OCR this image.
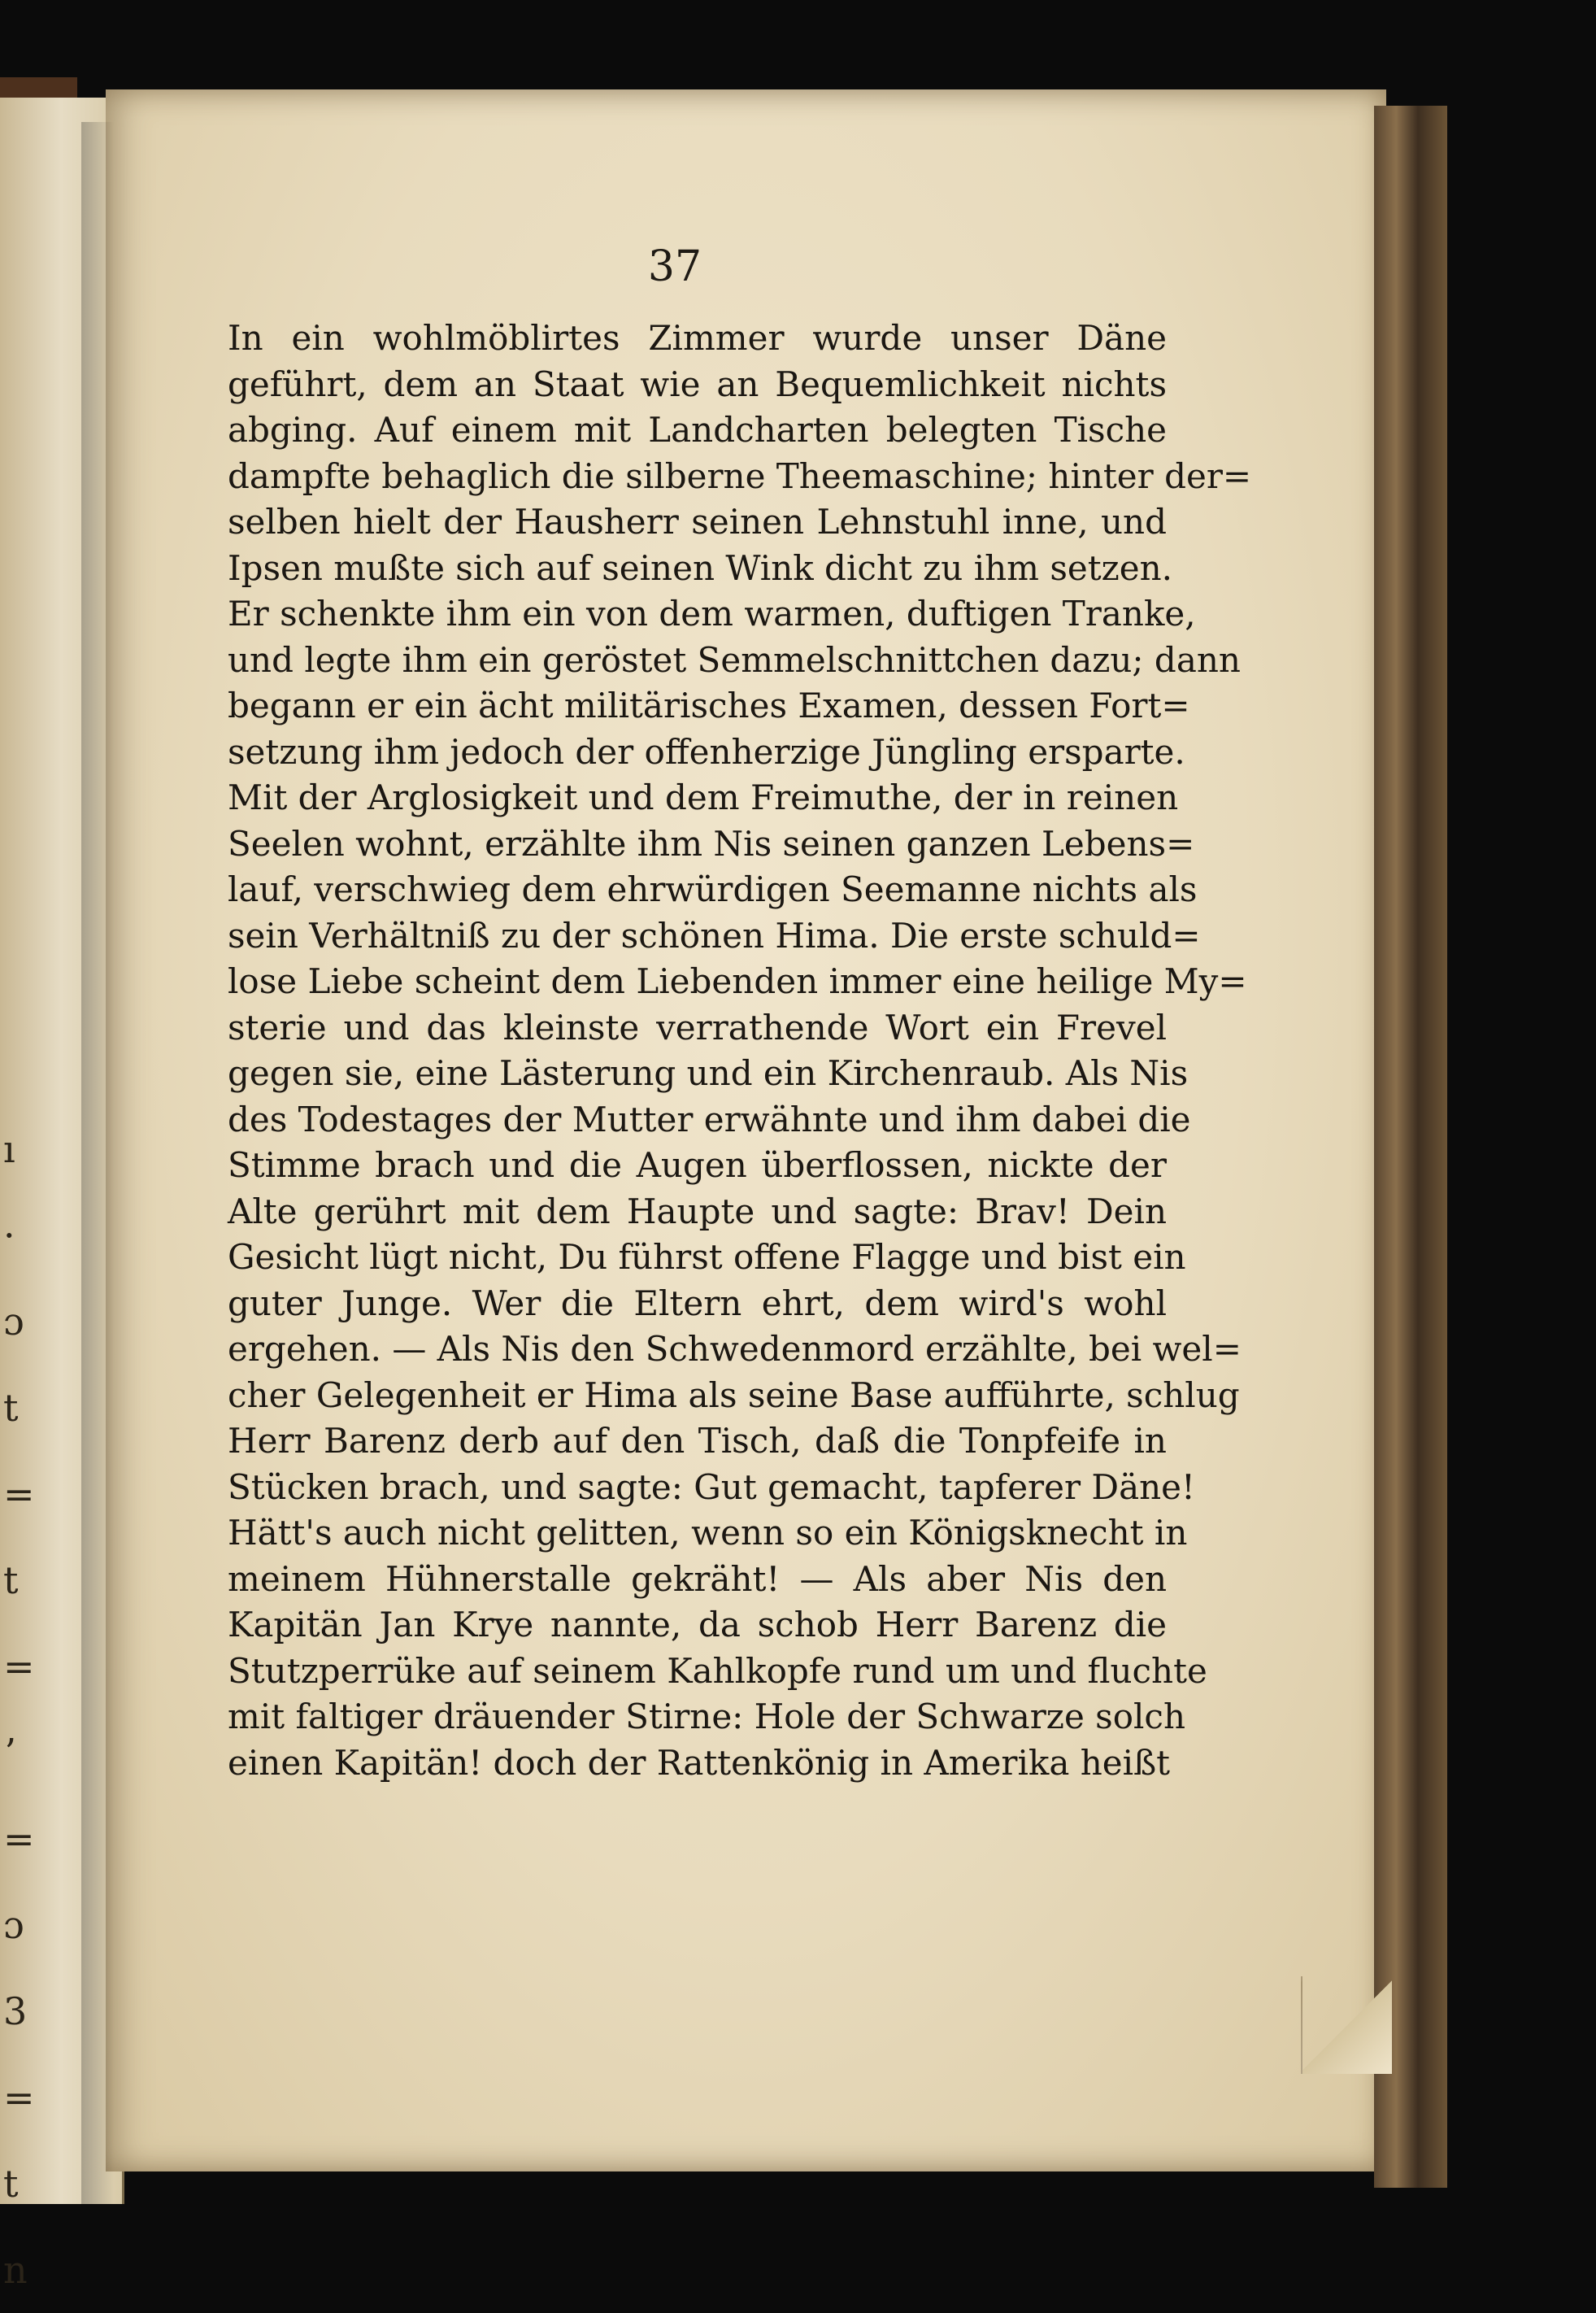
ı
·
ɔ
t
=
t
=
ʼ
=
ɔ
3
=
t
n
37
In ein wohlmöblirtes Zimmer wurde unser Däne
geführt, dem an Staat wie an Bequemlichkeit nichts
abging. Auf einem mit Landcharten belegten Tische
dampfte behaglich die silberne Theemaschine; hinter der=
selben hielt der Hausherr seinen Lehnstuhl inne, und
Ipsen mußte sich auf seinen Wink dicht zu ihm setzen.
Er schenkte ihm ein von dem warmen, duftigen Tranke,
und legte ihm ein geröstet Semmelschnittchen dazu; dann
begann er ein ächt militärisches Examen, dessen Fort=
setzung ihm jedoch der offenherzige Jüngling ersparte.
Mit der Arglosigkeit und dem Freimuthe, der in reinen
Seelen wohnt, erzählte ihm Nis seinen ganzen Lebens=
lauf, verschwieg dem ehrwürdigen Seemanne nichts als
sein Verhältniß zu der schönen Hima. Die erste schuld=
lose Liebe scheint dem Liebenden immer eine heilige My=
sterie und das kleinste verrathende Wort ein Frevel
gegen sie, eine Lästerung und ein Kirchenraub. Als Nis
des Todestages der Mutter erwähnte und ihm dabei die
Stimme brach und die Augen überflossen, nickte der
Alte gerührt mit dem Haupte und sagte: Brav! Dein
Gesicht lügt nicht, Du führst offene Flagge und bist ein
guter Junge. Wer die Eltern ehrt, dem wird's wohl
ergehen. — Als Nis den Schwedenmord erzählte, bei wel=
cher Gelegenheit er Hima als seine Base aufführte, schlug
Herr Barenz derb auf den Tisch, daß die Tonpfeife in
Stücken brach, und sagte: Gut gemacht, tapferer Däne!
Hätt's auch nicht gelitten, wenn so ein Königsknecht in
meinem Hühnerstalle gekräht! — Als aber Nis den
Kapitän Jan Krye nannte, da schob Herr Barenz die
Stutzperrüke auf seinem Kahlkopfe rund um und fluchte
mit faltiger dräuender Stirne: Hole der Schwarze solch
einen Kapitän! doch der Rattenkönig in Amerika heißt
